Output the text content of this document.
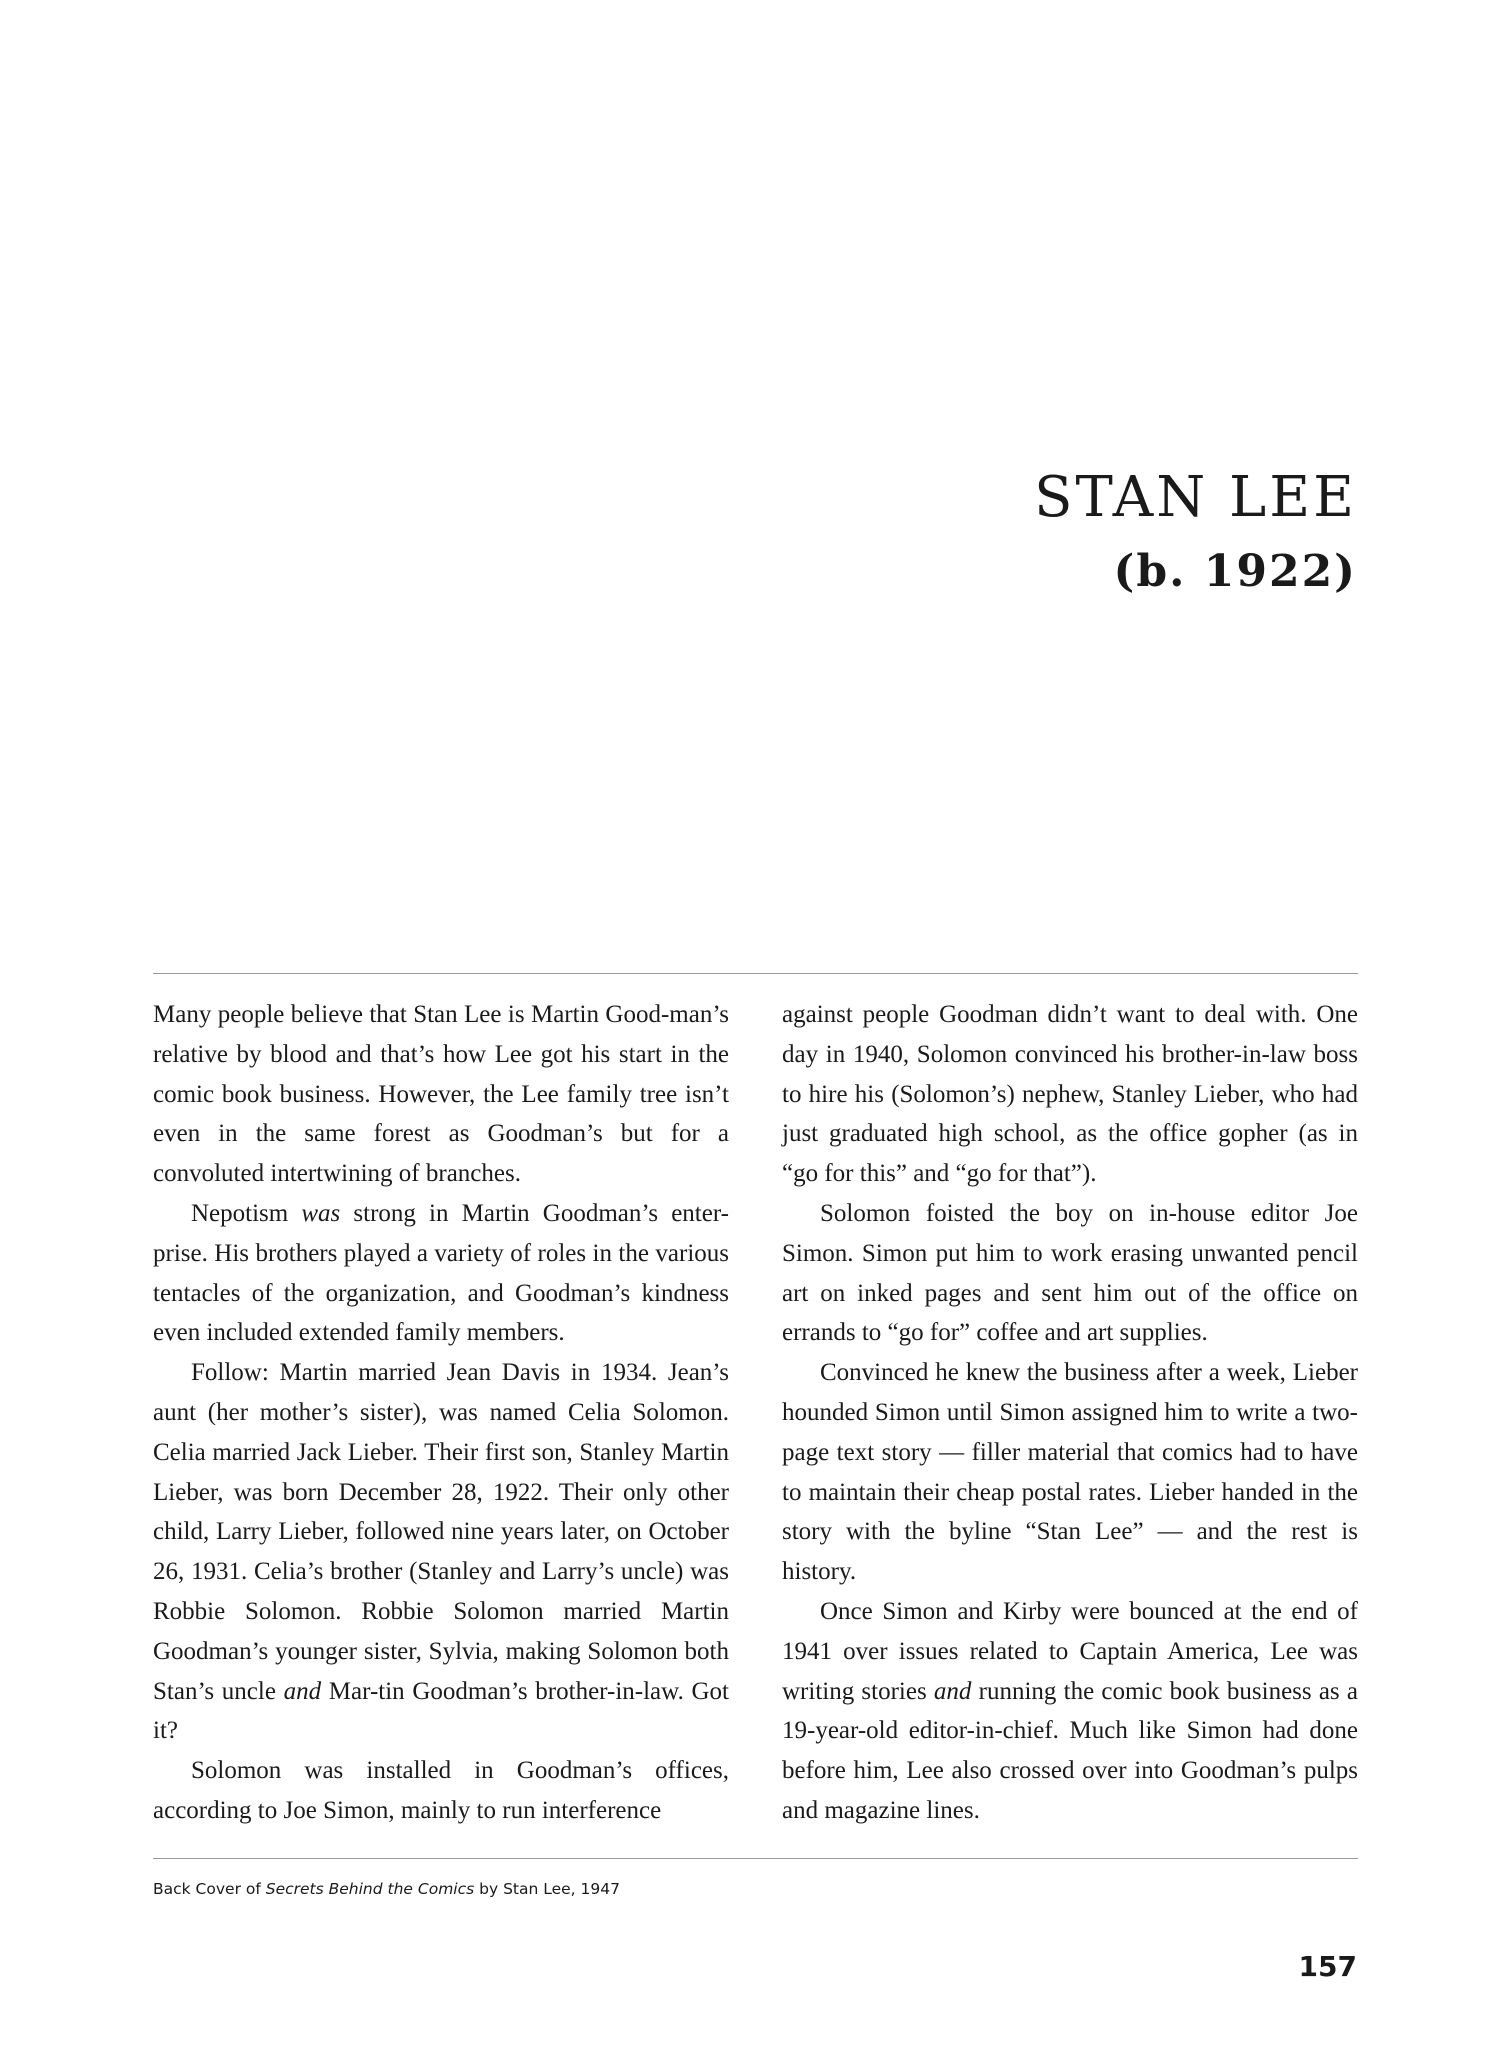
STAN LEE
(b. 1922)

Many people believe that Stan Lee is Martin Good-man’s relative by blood and that’s how Lee got his start in the comic book business. However, the Lee family tree isn’t even in the same forest as Goodman’s but for a convoluted intertwining of branches.

Nepotism was strong in Martin Goodman’s enter-prise. His brothers played a variety of roles in the various tentacles of the organization, and Goodman’s kindness even included extended family members.

Follow: Martin married Jean Davis in 1934. Jean’s aunt (her mother’s sister), was named Celia Solomon. Celia married Jack Lieber. Their first son, Stanley Martin Lieber, was born December 28, 1922. Their only other child, Larry Lieber, followed nine years later, on October 26, 1931. Celia’s brother (Stanley and Larry’s uncle) was Robbie Solomon. Robbie Solomon married Martin Goodman’s younger sister, Sylvia, making Solomon both Stan’s uncle and Mar-tin Goodman’s brother-in-law. Got it?

Solomon was installed in Goodman’s offices, according to Joe Simon, mainly to run interference

against people Goodman didn’t want to deal with. One day in 1940, Solomon convinced his brother-in-law boss to hire his (Solomon’s) nephew, Stanley Lieber, who had just graduated high school, as the office gopher (as in “go for this” and “go for that”).

Solomon foisted the boy on in-house editor Joe Simon. Simon put him to work erasing unwanted pencil art on inked pages and sent him out of the office on errands to “go for” coffee and art supplies.

Convinced he knew the business after a week, Lieber hounded Simon until Simon assigned him to write a two-page text story — filler material that comics had to have to maintain their cheap postal rates. Lieber handed in the story with the byline “Stan Lee” — and the rest is history.

Once Simon and Kirby were bounced at the end of 1941 over issues related to Captain America, Lee was writing stories and running the comic book business as a 19-year-old editor-in-chief. Much like Simon had done before him, Lee also crossed over into Goodman’s pulps and magazine lines.

Back Cover of Secrets Behind the Comics by Stan Lee, 1947
157
